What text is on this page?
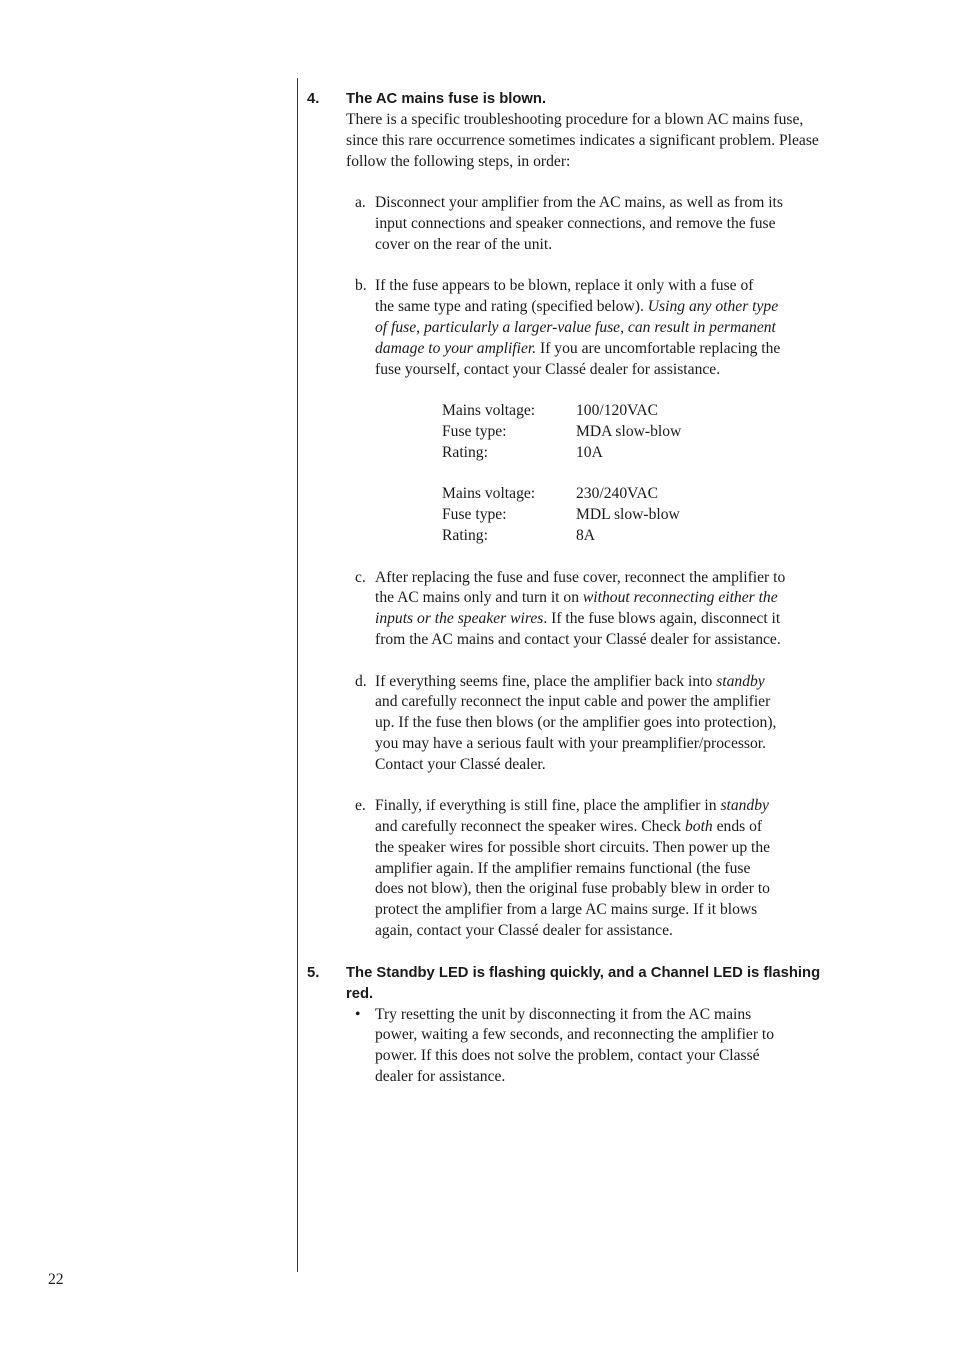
4. The AC mains fuse is blown.
There is a specific troubleshooting procedure for a blown AC mains fuse,
since this rare occurrence sometimes indicates a significant problem. Please
follow the following steps, in order:
a. Disconnect your amplifier from the AC mains, as well as from its
input connections and speaker connections, and remove the fuse
cover on the rear of the unit.
b. If the fuse appears to be blown, replace it only with a fuse of
the same type and rating (specified below). Using any other type
of fuse, particularly a larger-value fuse, can result in permanent
damage to your amplifier. If you are uncomfortable replacing the
fuse yourself, contact your Classé dealer for assistance.
Mains voltage:	100/120VAC
Fuse type:	MDA slow-blow
Rating:	10A
Mains voltage:	230/240VAC
Fuse type:	MDL slow-blow
Rating:	8A
c. After replacing the fuse and fuse cover, reconnect the amplifier to
the AC mains only and turn it on without reconnecting either the
inputs or the speaker wires. If the fuse blows again, disconnect it
from the AC mains and contact your Classé dealer for assistance.
d. If everything seems fine, place the amplifier back into standby
and carefully reconnect the input cable and power the amplifier
up. If the fuse then blows (or the amplifier goes into protection),
you may have a serious fault with your preamplifier/processor.
Contact your Classé dealer.
e. Finally, if everything is still fine, place the amplifier in standby
and carefully reconnect the speaker wires. Check both ends of
the speaker wires for possible short circuits. Then power up the
amplifier again. If the amplifier remains functional (the fuse
does not blow), then the original fuse probably blew in order to
protect the amplifier from a large AC mains surge. If it blows
again, contact your Classé dealer for assistance.
5. The Standby LED is flashing quickly, and a Channel LED is flashing
red.
• Try resetting the unit by disconnecting it from the AC mains
power, waiting a few seconds, and reconnecting the amplifier to
power. If this does not solve the problem, contact your Classé
dealer for assistance.
22
